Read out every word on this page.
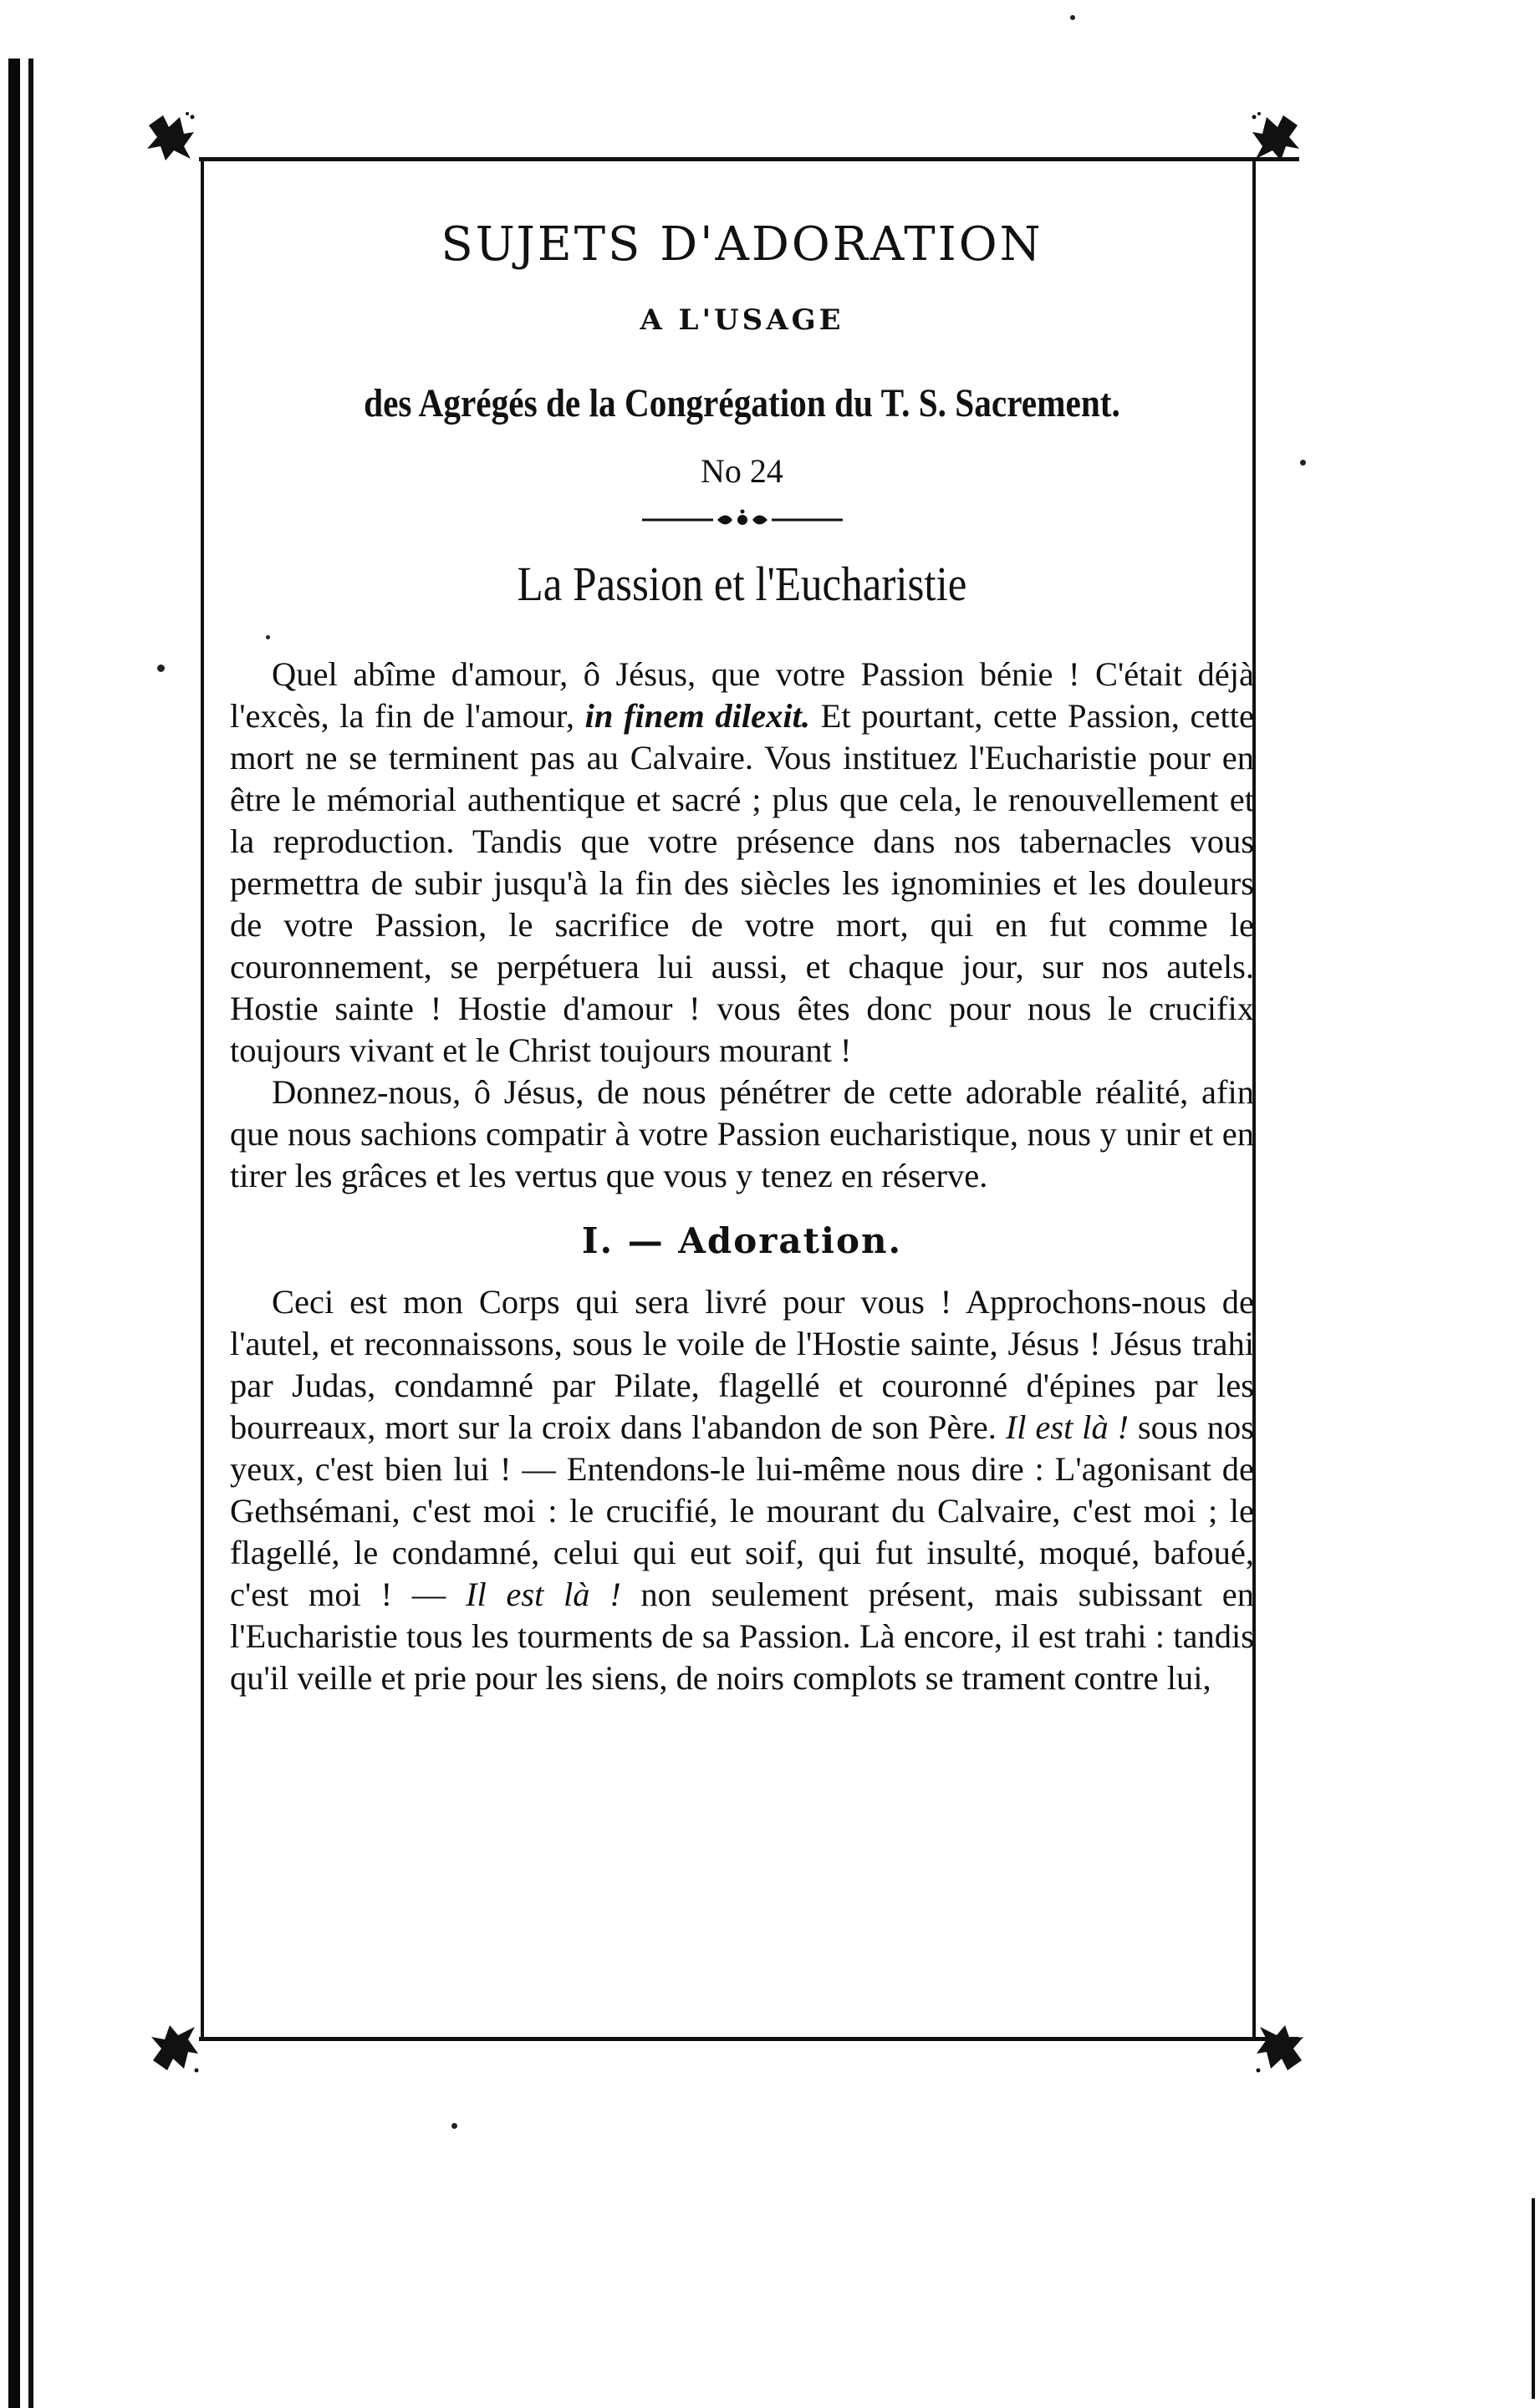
SUJETS D'ADORATION
A L'USAGE
des Agrégés de la Congrégation du T. S. Sacrement.
No 24
La Passion et l'Eucharistie

Quel abîme d'amour, ô Jésus, que votre Passion bénie ! C'était déjà l'excès, la fin de l'amour, in finem dilexit. Et pourtant, cette Passion, cette mort ne se terminent pas au Calvaire. Vous instituez l'Eucharistie pour en être le mémorial authentique et sacré ; plus que cela, le renouvellement et la reproduction. Tandis que votre présence dans nos tabernacles vous permettra de subir jusqu'à la fin des siècles les ignominies et les douleurs de votre Passion, le sacrifice de votre mort, qui en fut comme le couronnement, se perpétuera lui aussi, et chaque jour, sur nos autels. Hostie sainte ! Hostie d'amour ! vous êtes donc pour nous le crucifix toujours vivant et le Christ toujours mourant !

Donnez-nous, ô Jésus, de nous pénétrer de cette adorable réalité, afin que nous sachions compatir à votre Passion eucharistique, nous y unir et en tirer les grâces et les vertus que vous y tenez en réserve.

I. — Adoration.

Ceci est mon Corps qui sera livré pour vous ! Approchons-nous de l'autel, et reconnaissons, sous le voile de l'Hostie sainte, Jésus ! Jésus trahi par Judas, condamné par Pilate, flagellé et couronné d'épines par les bourreaux, mort sur la croix dans l'abandon de son Père. Il est là ! sous nos yeux, c'est bien lui ! — Entendons-le lui-même nous dire : L'agonisant de Gethsémani, c'est moi : le crucifié, le mourant du Calvaire, c'est moi ; le flagellé, le condamné, celui qui eut soif, qui fut insulté, moqué, bafoué, c'est moi ! — Il est là ! non seulement présent, mais subissant en l'Eucharistie tous les tourments de sa Passion. Là encore, il est trahi : tandis qu'il veille et prie pour les siens, de noirs complots se trament contre lui,
